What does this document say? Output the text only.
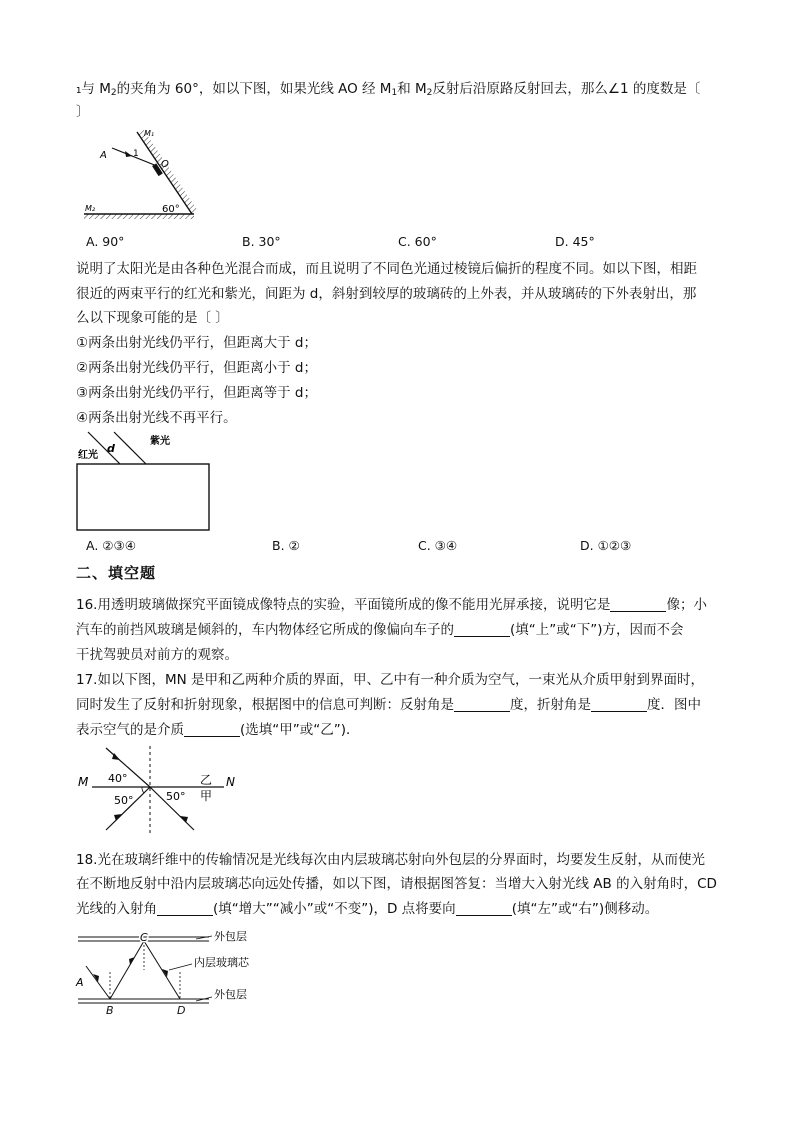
₁与 $M_2$的夹角为 60°，如以下图，如果光线 AO 经 $M_1$和 $M_2$反射后沿原路反射回去，那么∠1 的度数是〔
〕
A	1
O
M₁
M₂	60°
A. 90°	B. 30°	C. 60°	D. 45°
说明了太阳光是由各种色光混合而成，而且说明了不同色光通过棱镜后偏折的程度不同。如以下图，相距
很近的两束平行的红光和紫光，间距为 d，斜射到较厚的玻璃砖的上外表，并从玻璃砖的下外表射出，那
么以下现象可能的是〔 〕
①两条出射光线仍平行，但距离大于 d；
②两条出射光线仍平行，但距离小于 d；
③两条出射光线仍平行，但距离等于 d；
④两条出射光线不再平行。
红光
d
紫光
A. ②③④	B. ②	C. ③④	D. ①②③
二、填空题
16.用透明玻璃做探究平面镜成像特点的实验，平面镜所成的像不能用光屏承接，说明它是	像；小
汽车的前挡风玻璃是倾斜的，车内物体经它所成的像偏向车子的	(填“上”或“下”)方，因而不会
干扰驾驶员对前方的观察。
17.如以下图，MN 是甲和乙两种介质的界面，甲、乙中有一种介质为空气，一束光从介质甲射到界面时，
同时发生了反射和折射现象，根据图中的信息可判断：反射角是	度，折射角是	度．图中
表示空气的是介质	(选填“甲”或“乙”)．
M	N
40°
50°	50°
乙
甲
18.光在玻璃纤维中的传输情况是光线每次由内层玻璃芯射向外包层的分界面时，均要发生反射，从而使光
在不断地反射中沿内层玻璃芯向远处传播，如以下图，请根据图答复：当增大入射光线 AB 的入射角时，CD
光线的入射角	(填“增大”“减小”或“不变”)，D 点将要向	(填“左”或“右”)侧移动。
C
A
B	D
外包层
内层玻璃芯
外包层
